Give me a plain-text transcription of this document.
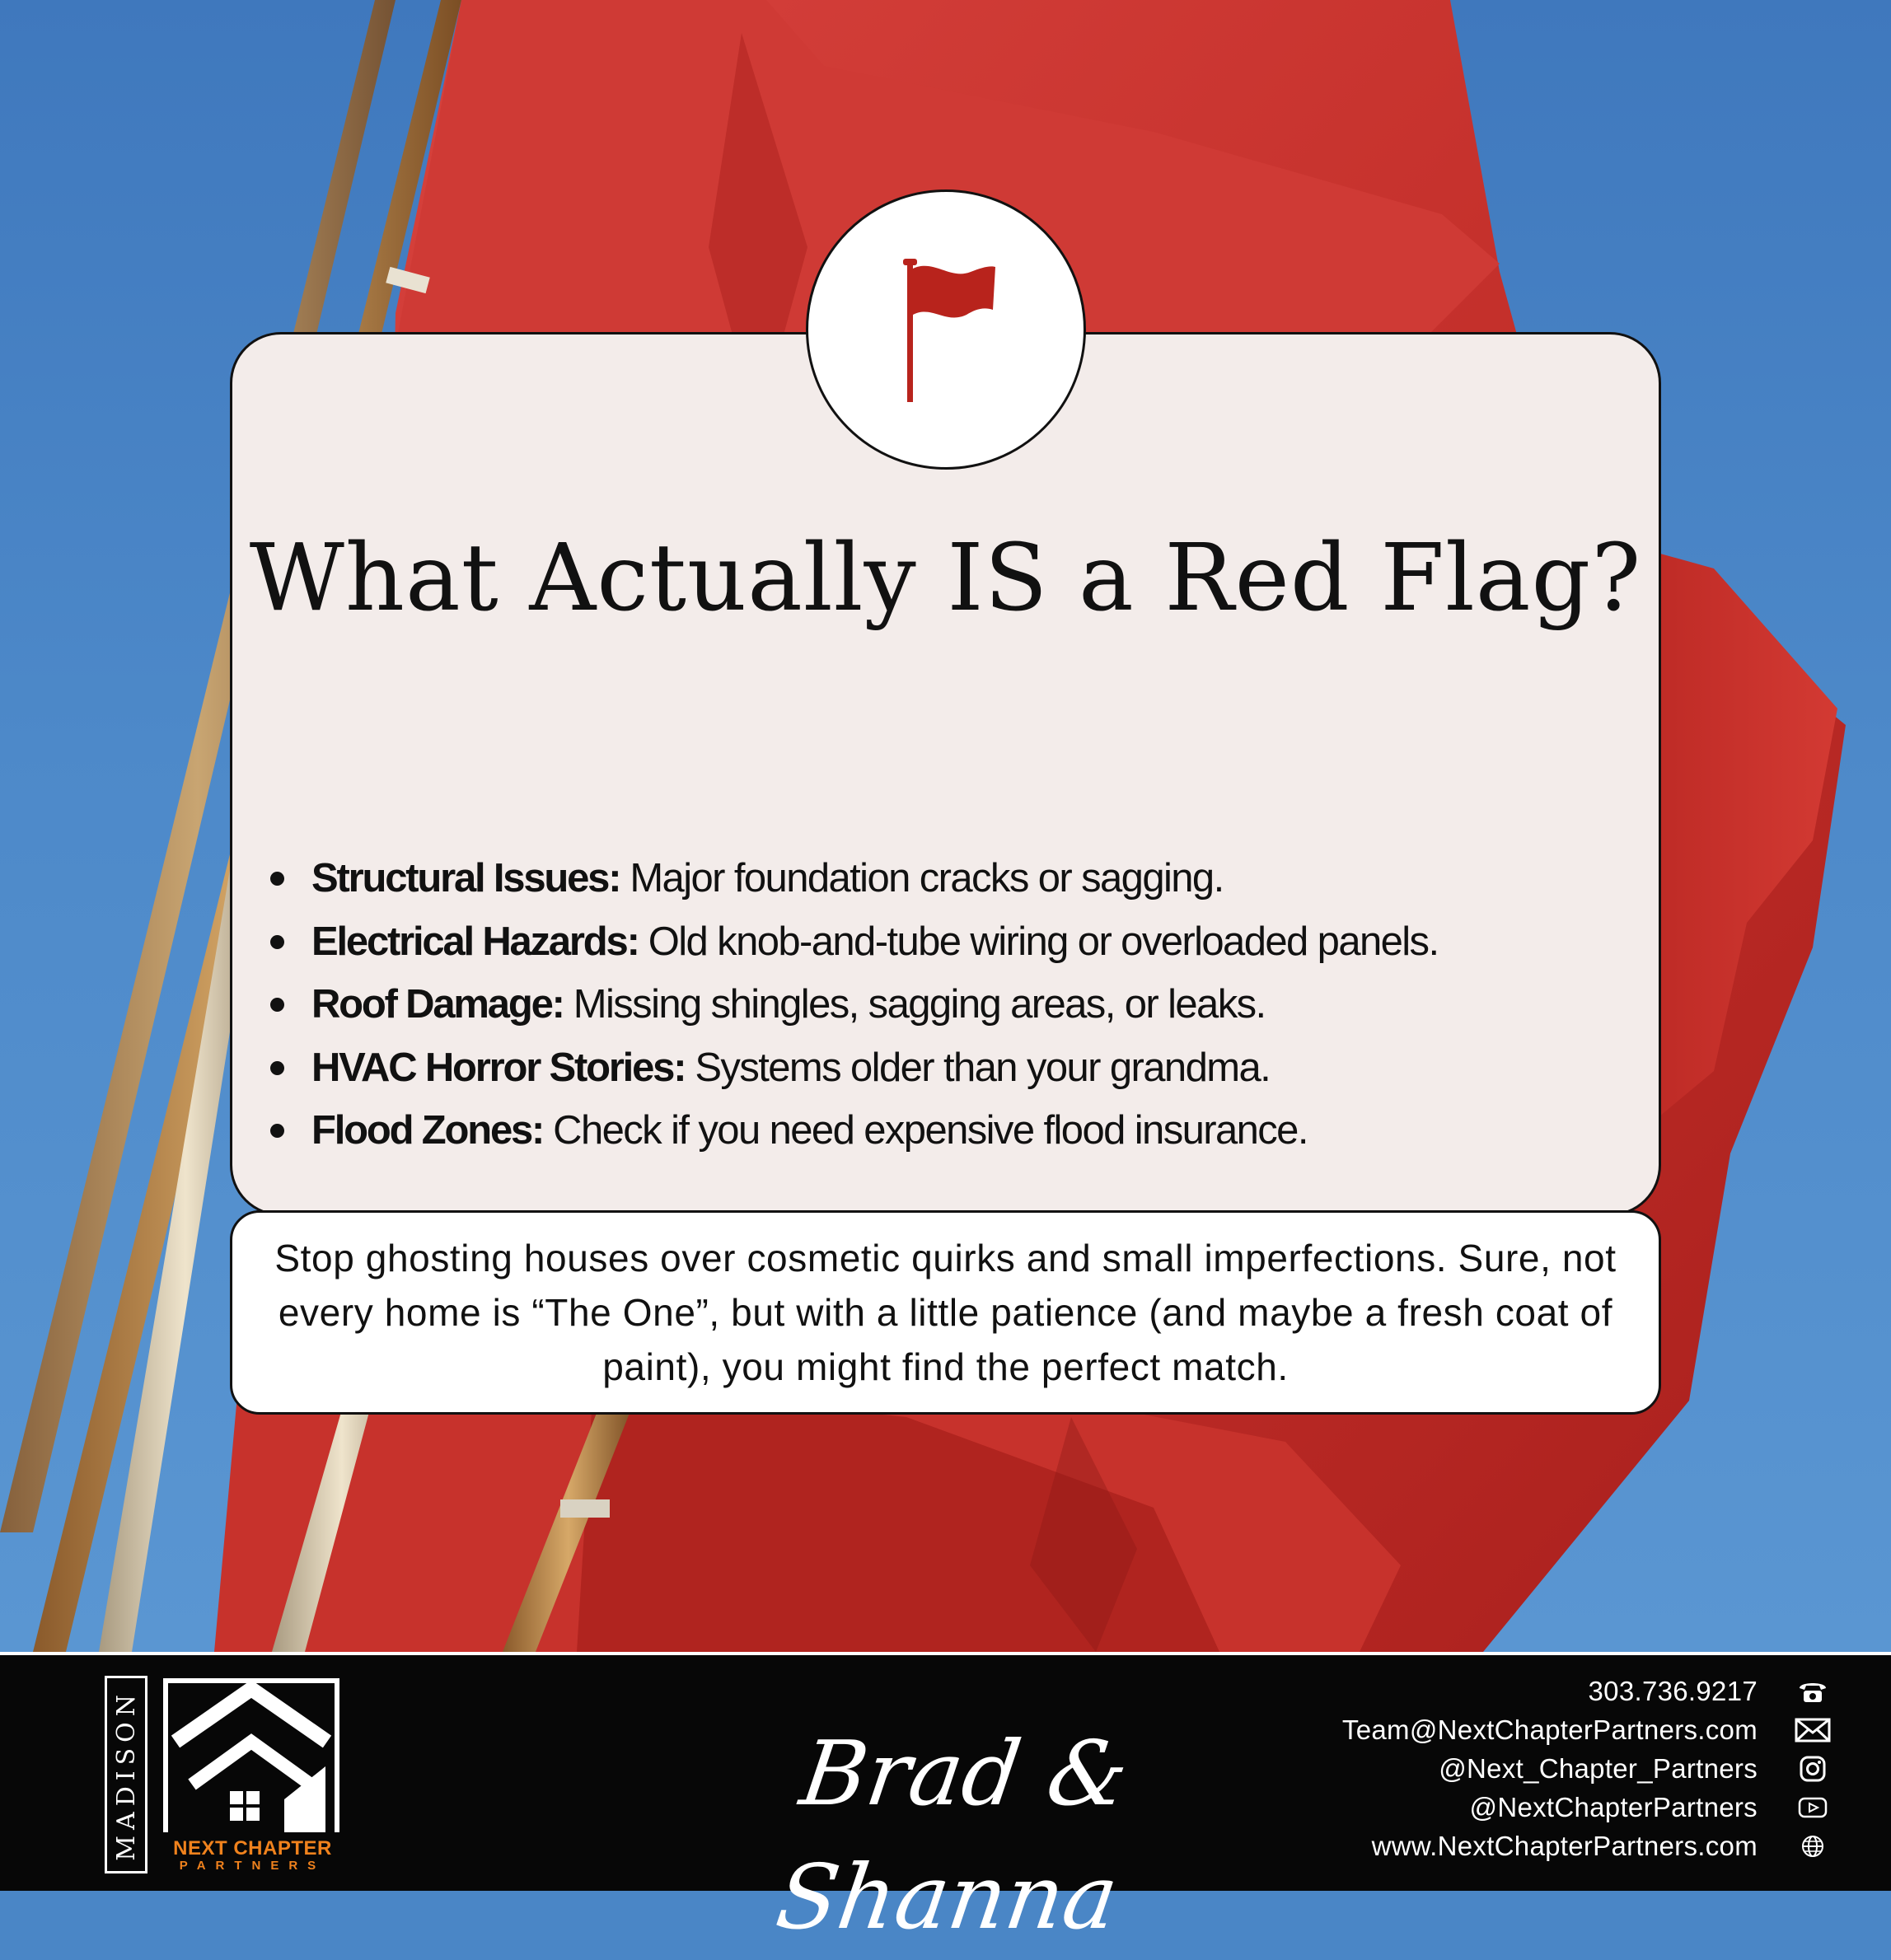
What Actually IS a Red Flag?
Structural Issues: Major foundation cracks or sagging.
Electrical Hazards: Old knob-and-tube wiring or overloaded panels.
Roof Damage: Missing shingles, sagging areas, or leaks.
HVAC Horror Stories: Systems older than your grandma.
Flood Zones: Check if you need expensive flood insurance.

Stop ghosting houses over cosmetic quirks and small imperfections. Sure, not every home is “The One”, but with a little patience (and maybe a fresh coat of paint), you might find the perfect match.

MADISON	NEXT CHAPTER
PARTNERS
Brad & Shanna
303.736.9217
Team@NextChapterPartners.com
@Next_Chapter_Partners
@NextChapterPartners
www.NextChapterPartners.com
